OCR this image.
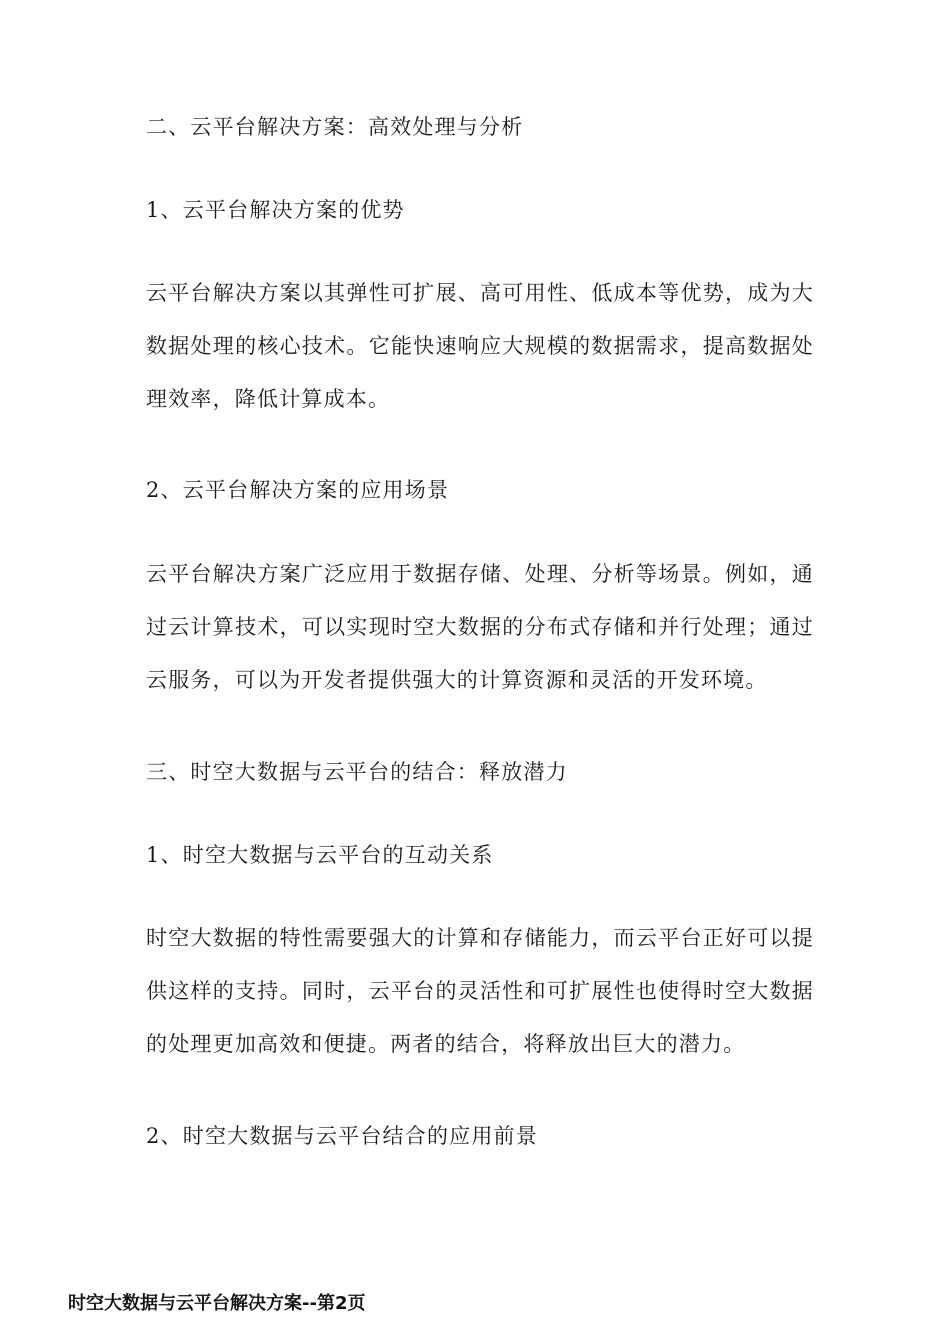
二、云平台解决方案：高效处理与分析
1、云平台解决方案的优势

云平台解决方案以其弹性可扩展、高可用性、低成本等优势，成为大数据处理的核心技术。它能快速响应大规模的数据需求，提高数据处理效率，降低计算成本。

2、云平台解决方案的应用场景

云平台解决方案广泛应用于数据存储、处理、分析等场景。例如，通过云计算技术，可以实现时空大数据的分布式存储和并行处理；通过云服务，可以为开发者提供强大的计算资源和灵活的开发环境。

三、时空大数据与云平台的结合：释放潜力
1、时空大数据与云平台的互动关系

时空大数据的特性需要强大的计算和存储能力，而云平台正好可以提供这样的支持。同时，云平台的灵活性和可扩展性也使得时空大数据的处理更加高效和便捷。两者的结合，将释放出巨大的潜力。

2、时空大数据与云平台结合的应用前景
时空大数据与云平台解决方案--第2页
